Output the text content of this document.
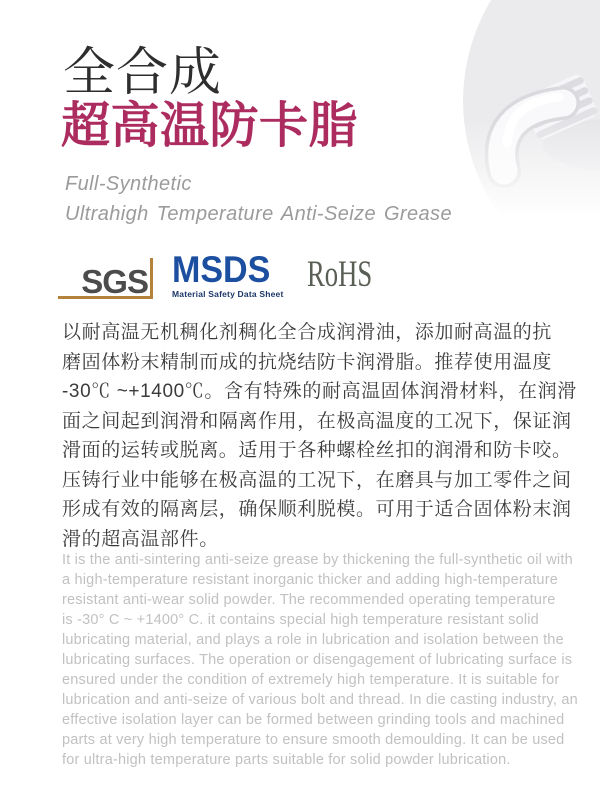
全合成
超高温防卡脂
Full-Synthetic
Ultrahigh Temperature Anti-Seize Grease
SGS MSDS
Material Safety Data Sheet RoHS
以耐高温无机稠化剂稠化全合成润滑油，添加耐高温的抗
磨固体粉末精制而成的抗烧结防卡润滑脂。推荐使用温度
-30℃ ~+1400℃。含有特殊的耐高温固体润滑材料，在润滑
面之间起到润滑和隔离作用，在极高温度的工况下，保证润
滑面的运转或脱离。适用于各种螺栓丝扣的润滑和防卡咬。
压铸行业中能够在极高温的工况下，在磨具与加工零件之间
形成有效的隔离层，确保顺利脱模。可用于适合固体粉末润
滑的超高温部件。
It is the anti-sintering anti-seize grease by thickening the full-synthetic oil with
a high-temperature resistant inorganic thicker and adding high-temperature
resistant anti-wear solid powder. The recommended operating temperature
is -30° C ~ +1400° C. it contains special high temperature resistant solid
lubricating material, and plays a role in lubrication and isolation between the
lubricating surfaces. The operation or disengagement of lubricating surface is
ensured under the condition of extremely high temperature. It is suitable for
lubrication and anti-seize of various bolt and thread. In die casting industry, an
effective isolation layer can be formed between grinding tools and machined
parts at very high temperature to ensure smooth demoulding. It can be used
for ultra-high temperature parts suitable for solid powder lubrication.
